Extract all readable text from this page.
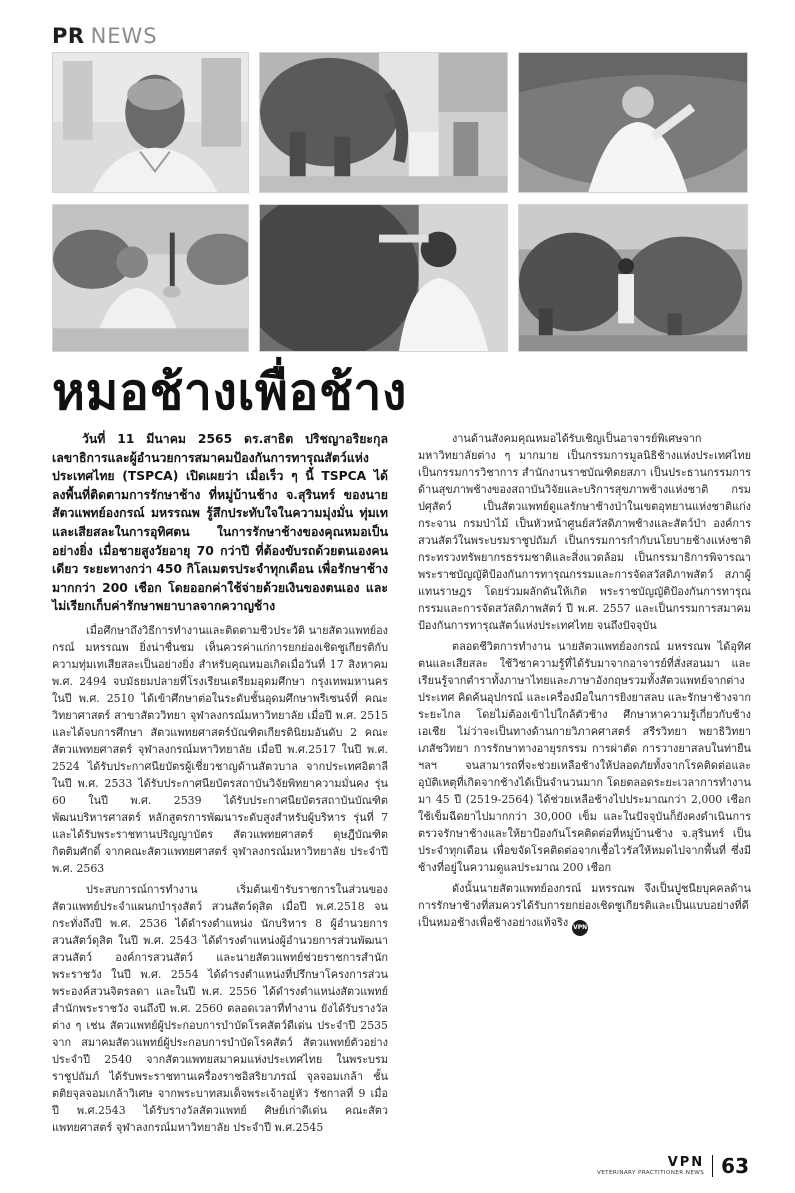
PR NEWS
หมอช้างเพื่อช้าง

วันที่ 11 มีนาคม 2565 ดร.สาธิต ปริชญาอริยะกุล เลขาธิการและผู้อำนวยการสมาคมป้องกันการทารุณสัตว์แห่งประเทศไทย (TSPCA) เปิดเผยว่า เมื่อเร็ว ๆ นี้ TSPCA ได้ลงพื้นที่ติดตามการรักษาช้าง ที่หมู่บ้านช้าง จ.สุรินทร์ ของนายสัตวแพทย์องกรณ์ มหรรณพ รู้สึกประทับใจในความมุ่งมั่น ทุ่มเทและเสียสละในการอุทิศตน ในการรักษาช้างของคุณหมอเป็นอย่างยิ่ง เมื่อชายสูงวัยอายุ 70 กว่าปี ที่ต้องขับรถด้วยตนเองคนเดียว ระยะทางกว่า 450 กิโลเมตรประจำทุกเดือน เพื่อรักษาช้างมากกว่า 200 เชือก โดยออกค่าใช้จ่ายด้วยเงินของตนเอง และไม่เรียกเก็บค่ารักษาพยาบาลจากควาญช้าง

เมื่อศึกษาถึงวิธีการทำงานและติดตามชีวประวัติ นายสัตวแพทย์องกรณ์ มหรรณพ ยิ่งน่าชื่นชม เห็นควรค่าแก่การยกย่องเชิดชูเกียรติกับความทุ่มเทเสียสละเป็นอย่างยิ่ง สำหรับคุณหมอเกิดเมื่อวันที่ 17 สิงหาคม พ.ศ. 2494 จบมัธยมปลายที่โรงเรียนเตรียมอุดมศึกษา กรุงเทพมหานคร ในปี พ.ศ. 2510 ได้เข้าศึกษาต่อในระดับชั้นอุดมศึกษาพรีเซนจ์ที่ คณะวิทยาศาสตร์ สาขาสัตววิทยา จุฬาลงกรณ์มหาวิทยาลัย เมื่อปี พ.ศ. 2515 และได้จบการศึกษา สัตวแพทยศาสตร์บัณฑิตเกียรตินิยมอันดับ 2 คณะสัตวแพทยศาสตร์ จุฬาลงกรณ์มหาวิทยาลัย เมื่อปี พ.ศ.2517 ในปี พ.ศ. 2524 ได้รับประกาศนียบัตรผู้เชี่ยวชาญด้านสัตวบาล จากประเทศอิตาลี ในปี พ.ศ. 2533 ได้รับประกาศนียบัตรสถาบันวิจัยพิทยาความมั่นคง รุ่น 60 ในปี พ.ศ. 2539 ได้รับประกาศนียบัตรสถาบันบัณฑิตพัฒนบริหารศาสตร์ หลักสูตรการพัฒนาระดับสูงสำหรับผู้บริหาร รุ่นที่ 7 และได้รับพระราชทานปริญญาบัตร สัตวแพทยศาสตร์ ดุษฎีบัณฑิตกิตติมศักดิ์ จากคณะสัตวแพทยศาสตร์ จุฬาลงกรณ์มหาวิทยาลัย ประจำปี พ.ศ. 2563

ประสบการณ์การทำงาน เริ่มต้นเข้ารับราชการในส่วนของ สัตวแพทย์ประจำแผนกบำรุงสัตว์ สวนสัตว์ดุสิต เมื่อปี พ.ศ.2518 จนกระทั่งถึงปี พ.ศ. 2536 ได้ดำรงตำแหน่ง นักบริหาร 8 ผู้อำนวยการสวนสัตว์ดุสิต ในปี พ.ศ. 2543 ได้ดำรงตำแหน่งผู้อำนวยการส่วนพัฒนาสวนสัตว์ องค์การสวนสัตว์ และนายสัตวแพทย์ช่วยราชการสำนักพระราชวัง ในปี พ.ศ. 2554 ได้ดำรงตำแหน่งที่ปรึกษาโครงการส่วนพระองค์สวนจิตรลดา และในปี พ.ศ. 2556 ได้ดำรงตำแหน่งสัตวแพทย์สำนักพระราชวัง จนถึงปี พ.ศ. 2560 ตลอดเวลาที่ทำงาน ยังได้รับรางวัลต่าง ๆ เช่น สัตวแพทย์ผู้ประกอบการบำบัดโรคสัตว์ดีเด่น ประจำปี 2535 จาก สมาคมสัตวแพทย์ผู้ประกอบการบำบัดโรคสัตว์ สัตวแพทย์ตัวอย่าง ประจำปี 2540 จากสัตวแพทยสมาคมแห่งประเทศไทย ในพระบรมราชูปถัมภ์ ได้รับพระราชทานเครื่องราชอิสริยาภรณ์ จุลจอมเกล้า ชั้นตติยจุลจอมเกล้าวิเศษ จากพระบาทสมเด็จพระเจ้าอยู่หัว รัชกาลที่ 9 เมื่อปี พ.ศ.2543 ได้รับรางวัลสัตวแพทย์ ศิษย์เก่าดีเด่น คณะสัตวแพทยศาสตร์ จุฬาลงกรณ์มหาวิทยาลัย ประจำปี พ.ศ.2545

งานด้านสังคมคุณหมอได้รับเชิญเป็นอาจารย์พิเศษจากมหาวิทยาลัยต่าง ๆ มากมาย เป็นกรรมการมูลนิธิช้างแห่งประเทศไทย เป็นกรรมการวิชาการ สำนักงานราชบัณฑิตยสภา เป็นประธานกรรมการด้านสุขภาพช้างของสถาบันวิจัยและบริการสุขภาพช้างแห่งชาติ กรมปศุสัตว์ เป็นสัตวแพทย์ดูแลรักษาช้างป่าในเขตอุทยานแห่งชาติแก่งกระจาน กรมป่าไม้ เป็นหัวหน้าศูนย์สวัสดิภาพช้างและสัตว์ป่า องค์การสวนสัตว์ในพระบรมราชูปถัมภ์ เป็นกรรมการกำกับนโยบายช้างแห่งชาติ กระทรวงทรัพยากรธรรมชาติและสิ่งแวดล้อม เป็นกรรมาธิการพิจารณาพระราชบัญญัติป้องกันการทารุณกรรมและการจัดสวัสดิภาพสัตว์ สภาผู้แทนราษฎร โดยร่วมผลักดันให้เกิด พระราชบัญญัติป้องกันการทารุณกรรมและการจัดสวัสดิภาพสัตว์ ปี พ.ศ. 2557 และเป็นกรรมการสมาคมป้องกันการทารุณสัตว์แห่งประเทศไทย จนถึงปัจจุบัน

ตลอดชีวิตการทำงาน นายสัตวแพทย์องกรณ์ มหรรณพ ได้อุทิศตนและเสียสละ ใช้วิชาความรู้ที่ได้รับมาจากอาจารย์ที่สั่งสอนมา และเรียนรู้จากตำราทั้งภาษาไทยและภาษาอังกฤษรวมทั้งสัตวแพทย์จากต่างประเทศ คิดค้นอุปกรณ์ และเครื่องมือในการยิงยาสลบ และรักษาช้างจากระยะไกล โดยไม่ต้องเข้าไปใกล้ตัวช้าง ศึกษาหาความรู้เกี่ยวกับช้างเอเชีย ไม่ว่าจะเป็นทางด้านกายวิภาคศาสตร์ สรีรวิทยา พยาธิวิทยา เภสัชวิทยา การรักษาทางอายุรกรรม การผ่าตัด การวางยาสลบในท่ายืน ฯลฯ จนสามารถที่จะช่วยเหลือช้างให้ปลอดภัยทั้งจากโรคติดต่อและอุบัติเหตุที่เกิดจากช้างได้เป็นจำนวนมาก โดยตลอดระยะเวลาการทำงานมา 45 ปี (2519-2564) ได้ช่วยเหลือช้างไปประมาณกว่า 2,000 เชือก ใช้เข็มฉีดยาไปมากกว่า 30,000 เข็ม และในปัจจุบันก็ยังคงดำเนินการตรวจรักษาช้างและให้ยาป้องกันโรคติดต่อที่หมู่บ้านช้าง จ.สุรินทร์ เป็นประจำทุกเดือน เพื่อขจัดโรคติดต่อจากเชื้อไวรัสให้หมดไปจากพื้นที่ ซึ่งมีช้างที่อยู่ในความดูแลประมาณ 200 เชือก

ดังนั้นนายสัตวแพทย์องกรณ์ มหรรณพ จึงเป็นปูชนียบุคคลด้านการรักษาช้างที่สมควรได้รับการยกย่องเชิดชูเกียรติและเป็นแบบอย่างที่ดี เป็นหมอช้างเพื่อช้างอย่างแท้จริง VPN

VPN
VETERINARY PRACTITIONER NEWS 63
